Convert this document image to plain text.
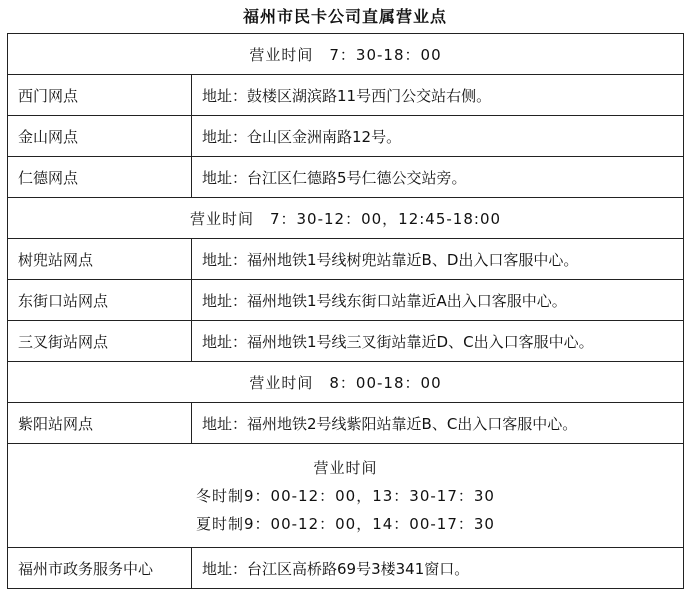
福州市民卡公司直属营业点
营业时间　7：30-18：00	
西门网点	地址：鼓楼区湖滨路11号西门公交站右侧。
金山网点	地址：仓山区金洲南路12号。
仁德网点	地址：台江区仁德路5号仁德公交站旁。
营业时间　7：30-12：00，12:45-18:00	
树兜站网点	地址：福州地铁1号线树兜站靠近B、D出入口客服中心。
东街口站网点	地址：福州地铁1号线东街口站靠近A出入口客服中心。
三叉街站网点	地址：福州地铁1号线三叉街站靠近D、C出入口客服中心。
营业时间　8：00-18：00	
紫阳站网点	地址：福州地铁2号线紫阳站靠近B、C出入口客服中心。

营业时间
冬时制9：00-12：00，13：30-17：30
夏时制9：00-12：00，14：00-17：30	

福州市政务服务中心	地址：台江区高桥路69号3楼341窗口。
